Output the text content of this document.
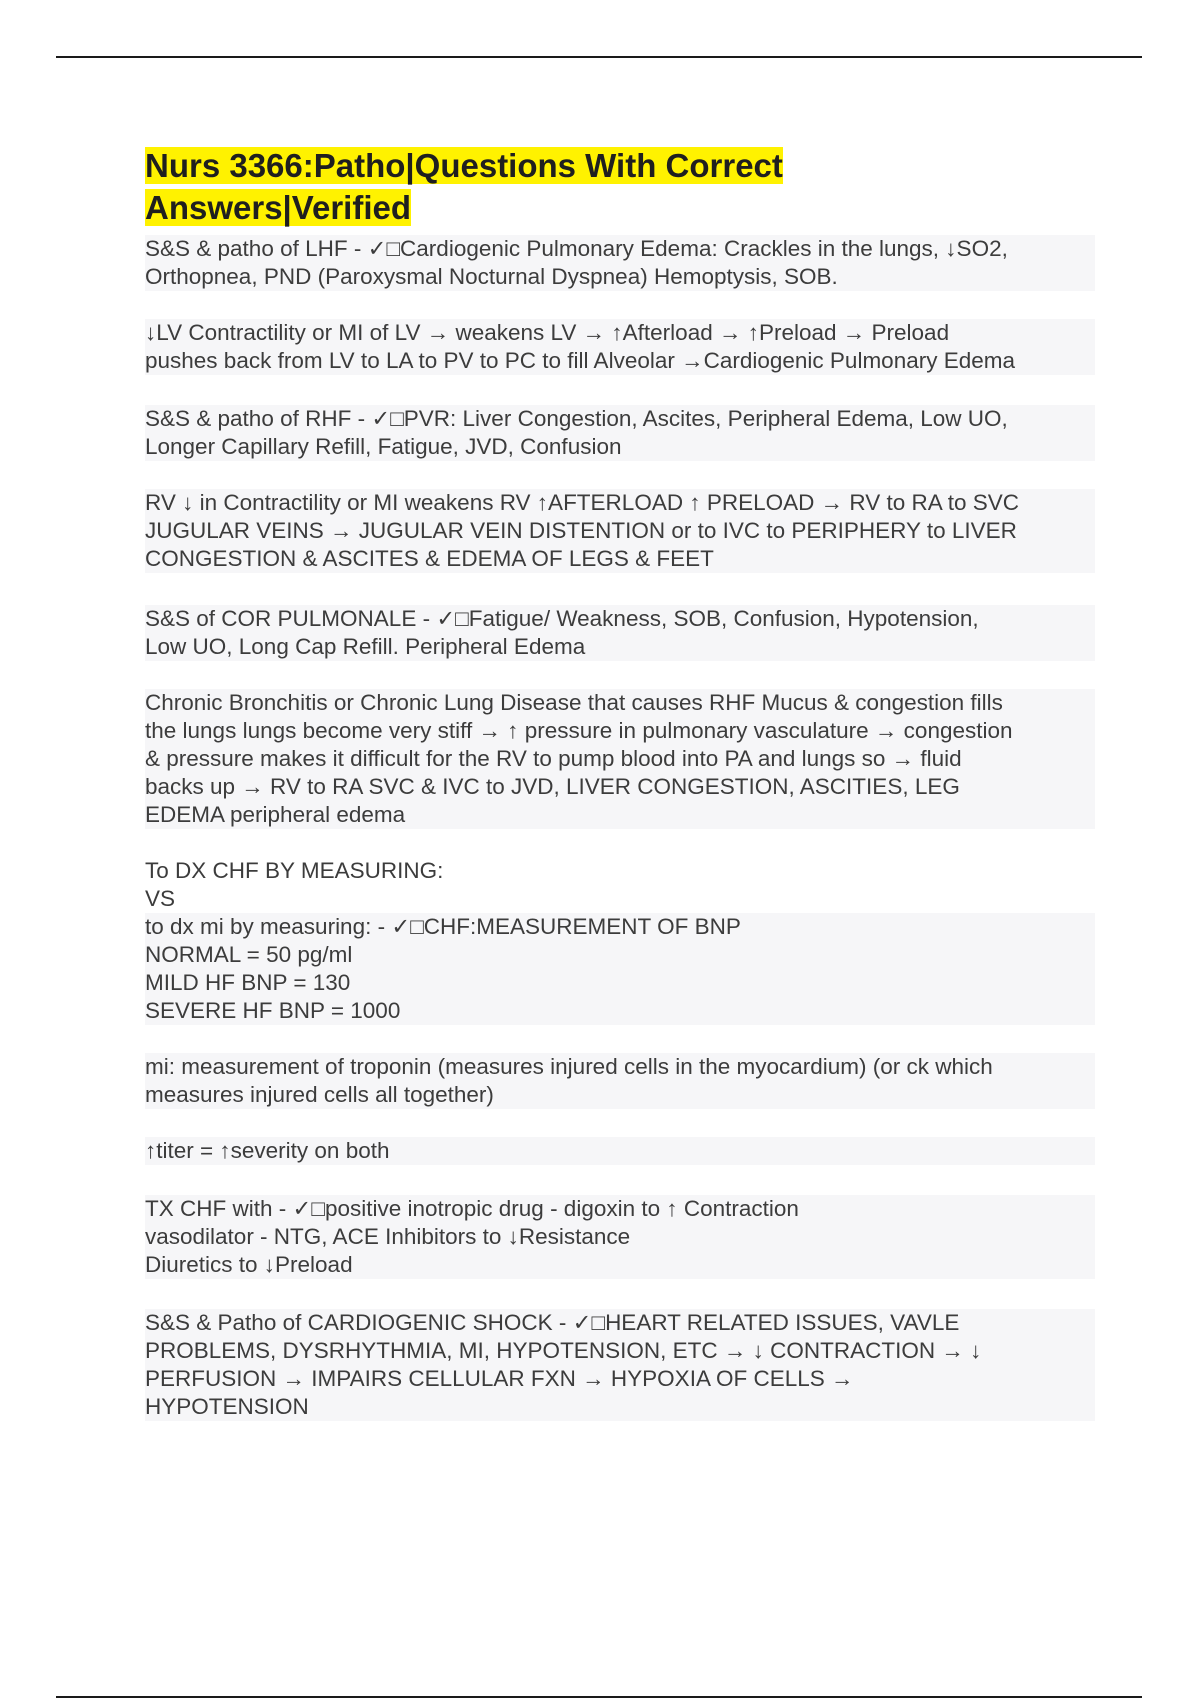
Nurs 3366:Patho|Questions With Correct
Answers|Verified
S&S & patho of LHF - ✓□Cardiogenic Pulmonary Edema: Crackles in the lungs, ↓SO2,
Orthopnea, PND (Paroxysmal Nocturnal Dyspnea) Hemoptysis, SOB.
↓LV Contractility or MI of LV → weakens LV → ↑Afterload → ↑Preload → Preload
pushes back from LV to LA to PV to PC to fill Alveolar →Cardiogenic Pulmonary Edema
S&S & patho of RHF - ✓□PVR: Liver Congestion, Ascites, Peripheral Edema, Low UO,
Longer Capillary Refill, Fatigue, JVD, Confusion
RV ↓ in Contractility or MI weakens RV ↑AFTERLOAD ↑ PRELOAD → RV to RA to SVC
JUGULAR VEINS → JUGULAR VEIN DISTENTION or to IVC to PERIPHERY to LIVER
CONGESTION & ASCITES & EDEMA OF LEGS & FEET
S&S of COR PULMONALE - ✓□Fatigue/ Weakness, SOB, Confusion, Hypotension,
Low UO, Long Cap Refill. Peripheral Edema
Chronic Bronchitis or Chronic Lung Disease that causes RHF Mucus & congestion fills
the lungs lungs become very stiff → ↑ pressure in pulmonary vasculature → congestion
& pressure makes it difficult for the RV to pump blood into PA and lungs so → fluid
backs up → RV to RA SVC & IVC to JVD, LIVER CONGESTION, ASCITIES, LEG
EDEMA peripheral edema
To DX CHF BY MEASURING:
VS
to dx mi by measuring: - ✓□CHF:MEASUREMENT OF BNP
NORMAL = 50 pg/ml
MILD HF BNP = 130
SEVERE HF BNP = 1000
mi: measurement of troponin (measures injured cells in the myocardium) (or ck which
measures injured cells all together)
↑titer = ↑severity on both
TX CHF with - ✓□positive inotropic drug - digoxin to ↑ Contraction
vasodilator - NTG, ACE Inhibitors to ↓Resistance
Diuretics to ↓Preload
S&S & Patho of CARDIOGENIC SHOCK - ✓□HEART RELATED ISSUES, VAVLE
PROBLEMS, DYSRHYTHMIA, MI, HYPOTENSION, ETC → ↓ CONTRACTION → ↓
PERFUSION → IMPAIRS CELLULAR FXN → HYPOXIA OF CELLS →
HYPOTENSION
